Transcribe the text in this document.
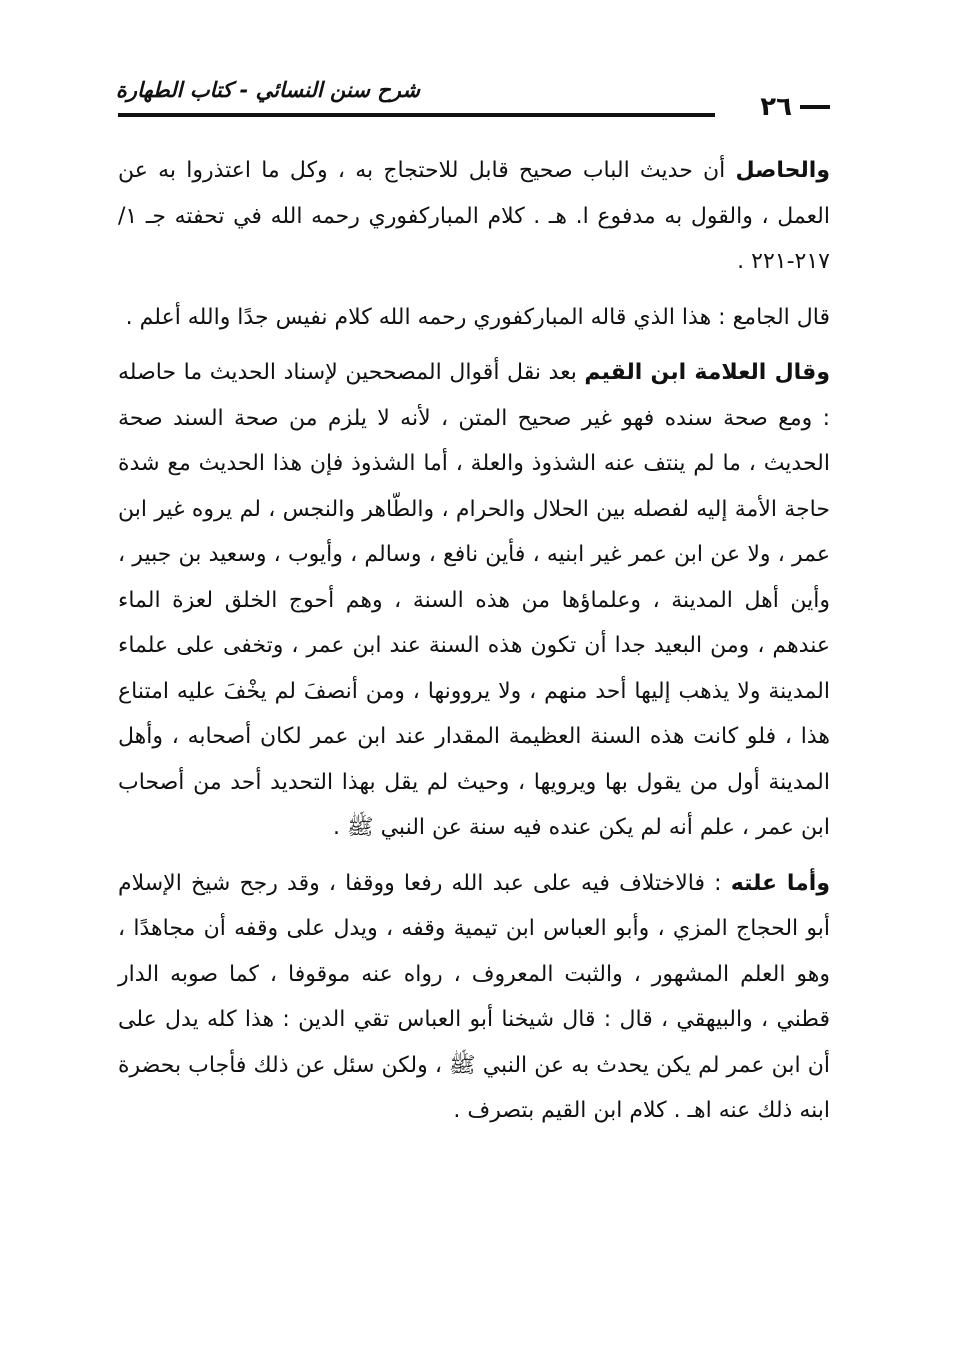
شرح سنن النسائي - كتاب الطهارة
٢٦

والحاصل أن حديث الباب صحيح قابل للاحتجاج به ، وكل ما اعتذروا به عن العمل ، والقول به مدفوع ا. هـ . كلام المباركفوري رحمه الله في تحفته جـ ١/ ٢١٧-٢٢١ .

قال الجامع : هذا الذي قاله المباركفوري رحمه الله كلام نفيس جدًا والله أعلم .

وقال العلامة ابن القيم بعد نقل أقوال المصححين لإسناد الحديث ما حاصله : ومع صحة سنده فهو غير صحيح المتن ، لأنه لا يلزم من صحة السند صحة الحديث ، ما لم ينتف عنه الشذوذ والعلة ، أما الشذوذ فإن هذا الحديث مع شدة حاجة الأمة إليه لفصله بين الحلال والحرام ، والطّاهر والنجس ، لم يروه غير ابن عمر ، ولا عن ابن عمر غير ابنيه ، فأين نافع ، وسالم ، وأيوب ، وسعيد بن جبير ، وأين أهل المدينة ، وعلماؤها من هذه السنة ، وهم أحوج الخلق لعزة الماء عندهم ، ومن البعيد جدا أن تكون هذه السنة عند ابن عمر ، وتخفى على علماء المدينة ولا يذهب إليها أحد منهم ، ولا يروونها ، ومن أنصفَ لم يخْفَ عليه امتناع هذا ، فلو كانت هذه السنة العظيمة المقدار عند ابن عمر لكان أصحابه ، وأهل المدينة أول من يقول بها ويرويها ، وحيث لم يقل بهذا التحديد أحد من أصحاب ابن عمر ، علم أنه لم يكن عنده فيه سنة عن النبي ﷺ .

وأما علته : فالاختلاف فيه على عبد الله رفعا ووقفا ، وقد رجح شيخ الإسلام أبو الحجاج المزي ، وأبو العباس ابن تيمية وقفه ، ويدل على وقفه أن مجاهدًا ، وهو العلم المشهور ، والثبت المعروف ، رواه عنه موقوفا ، كما صوبه الدار قطني ، والبيهقي ، قال : قال شيخنا أبو العباس تقي الدين : هذا كله يدل على أن ابن عمر لم يكن يحدث به عن النبي ﷺ ، ولكن سئل عن ذلك فأجاب بحضرة ابنه ذلك عنه اهـ . كلام ابن القيم بتصرف .
